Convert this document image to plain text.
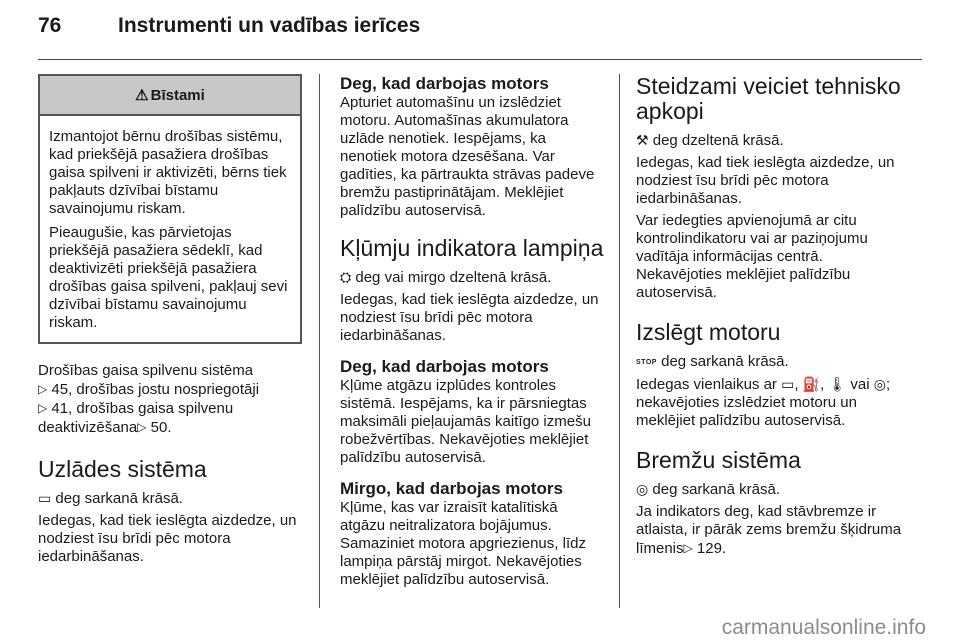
76	Instrumenti un vadības ierīces
⚠ Bīstami

Izmantojot bērnu drošības sistēmu, kad priekšējā pasažiera drošības gaisa spilveni ir aktivizēti, bērns tiek pakļauts dzīvībai bīstamu savainojumu riskam.

Pieaugušie, kas pārvietojas priekšējā pasažiera sēdeklī, kad deaktivizēti priekšējā pasažiera drošības gaisa spilveni, pakļauj sevi dzīvībai bīstamu savainojumu riskam.

Drošības gaisa spilvenu sistēma
▷ 45, drošības jostu nospriegotāji
▷ 41, drošības gaisa spilvenu deaktivizēšana▷ 50.

Uzlādes sistēma

▭ deg sarkanā krāsā.

Iedegas, kad tiek ieslēgta aizdedze, un nodziest īsu brīdi pēc motora iedarbināšanas.

Deg, kad darbojas motors

Apturiet automašīnu un izslēdziet motoru. Automašīnas akumulatora uzlāde nenotiek. Iespējams, ka nenotiek motora dzesēšana. Var gadīties, ka pārtraukta strāvas padeve bremžu pastiprinātājam. Meklējiet palīdzību autoservisā.

Kļūmju indikatora lampiņa

⛭ deg vai mirgo dzeltenā krāsā.

Iedegas, kad tiek ieslēgta aizdedze, un nodziest īsu brīdi pēc motora iedarbināšanas.

Deg, kad darbojas motors

Kļūme atgāzu izplūdes kontroles sistēmā. Iespējams, ka ir pārsniegtas maksimāli pieļaujamās kaitīgo izmešu robežvērtības. Nekavējoties meklējiet palīdzību autoservisā.

Mirgo, kad darbojas motors

Kļūme, kas var izraisīt katalītiskā atgāzu neitralizatora bojājumus. Samaziniet motora apgriezienus, līdz lampiņa pārstāj mirgot. Nekavējoties meklējiet palīdzību autoservisā.

Steidzami veiciet tehnisko apkopi

⚒ deg dzeltenā krāsā.

Iedegas, kad tiek ieslēgta aizdedze, un nodziest īsu brīdi pēc motora iedarbināšanas.

Var iedegties apvienojumā ar citu kontrolindikatoru vai ar paziņojumu vadītāja informācijas centrā. Nekavējoties meklējiet palīdzību autoservisā.

Izslēgt motoru

STOP deg sarkanā krāsā.

Iedegas vienlaikus ar ▭, ⛽, 🌡 vai ◎; nekavējoties izslēdziet motoru un meklējiet palīdzību autoservisā.

Bremžu sistēma

◎ deg sarkanā krāsā.

Ja indikators deg, kad stāvbremze ir atlaista, ir pārāk zems bremžu šķidruma līmenis▷ 129.

carmanualsonline.info
